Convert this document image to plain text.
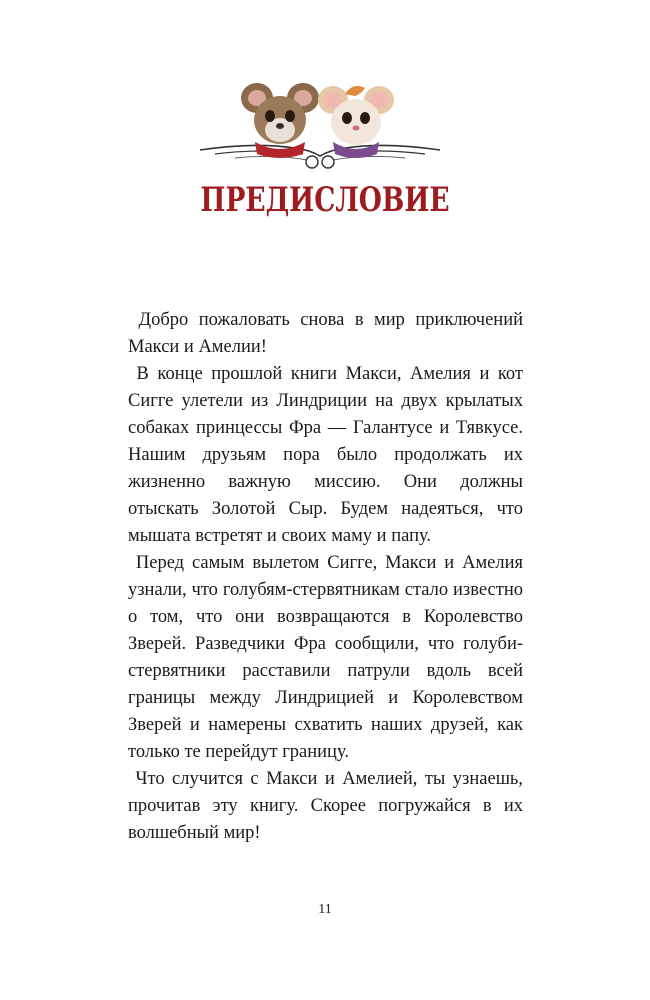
ПРЕДИСЛОВИЕ

Добро пожаловать снова в мир приключений Макси и Амелии!

В конце прошлой книги Макси, Амелия и кот Сигге улетели из Линдриции на двух крылатых собаках принцессы Фра — Галантусе и Тявкусе. Нашим друзьям пора было продолжать их жизненно важную миссию. Они должны отыскать Золотой Сыр. Будем надеяться, что мышата встретят и своих маму и папу.

Перед самым вылетом Сигге, Макси и Амелия узнали, что голубям-стервятникам стало известно о том, что они возвращаются в Королевство Зверей. Разведчики Фра сообщили, что голуби-стервятники расставили патрули вдоль всей границы между Линдрицией и Королевством Зверей и намерены схватить наших друзей, как только те перейдут границу.

Что случится с Макси и Амелией, ты узнаешь, прочитав эту книгу. Скорее погружайся в их волшебный мир!

11
